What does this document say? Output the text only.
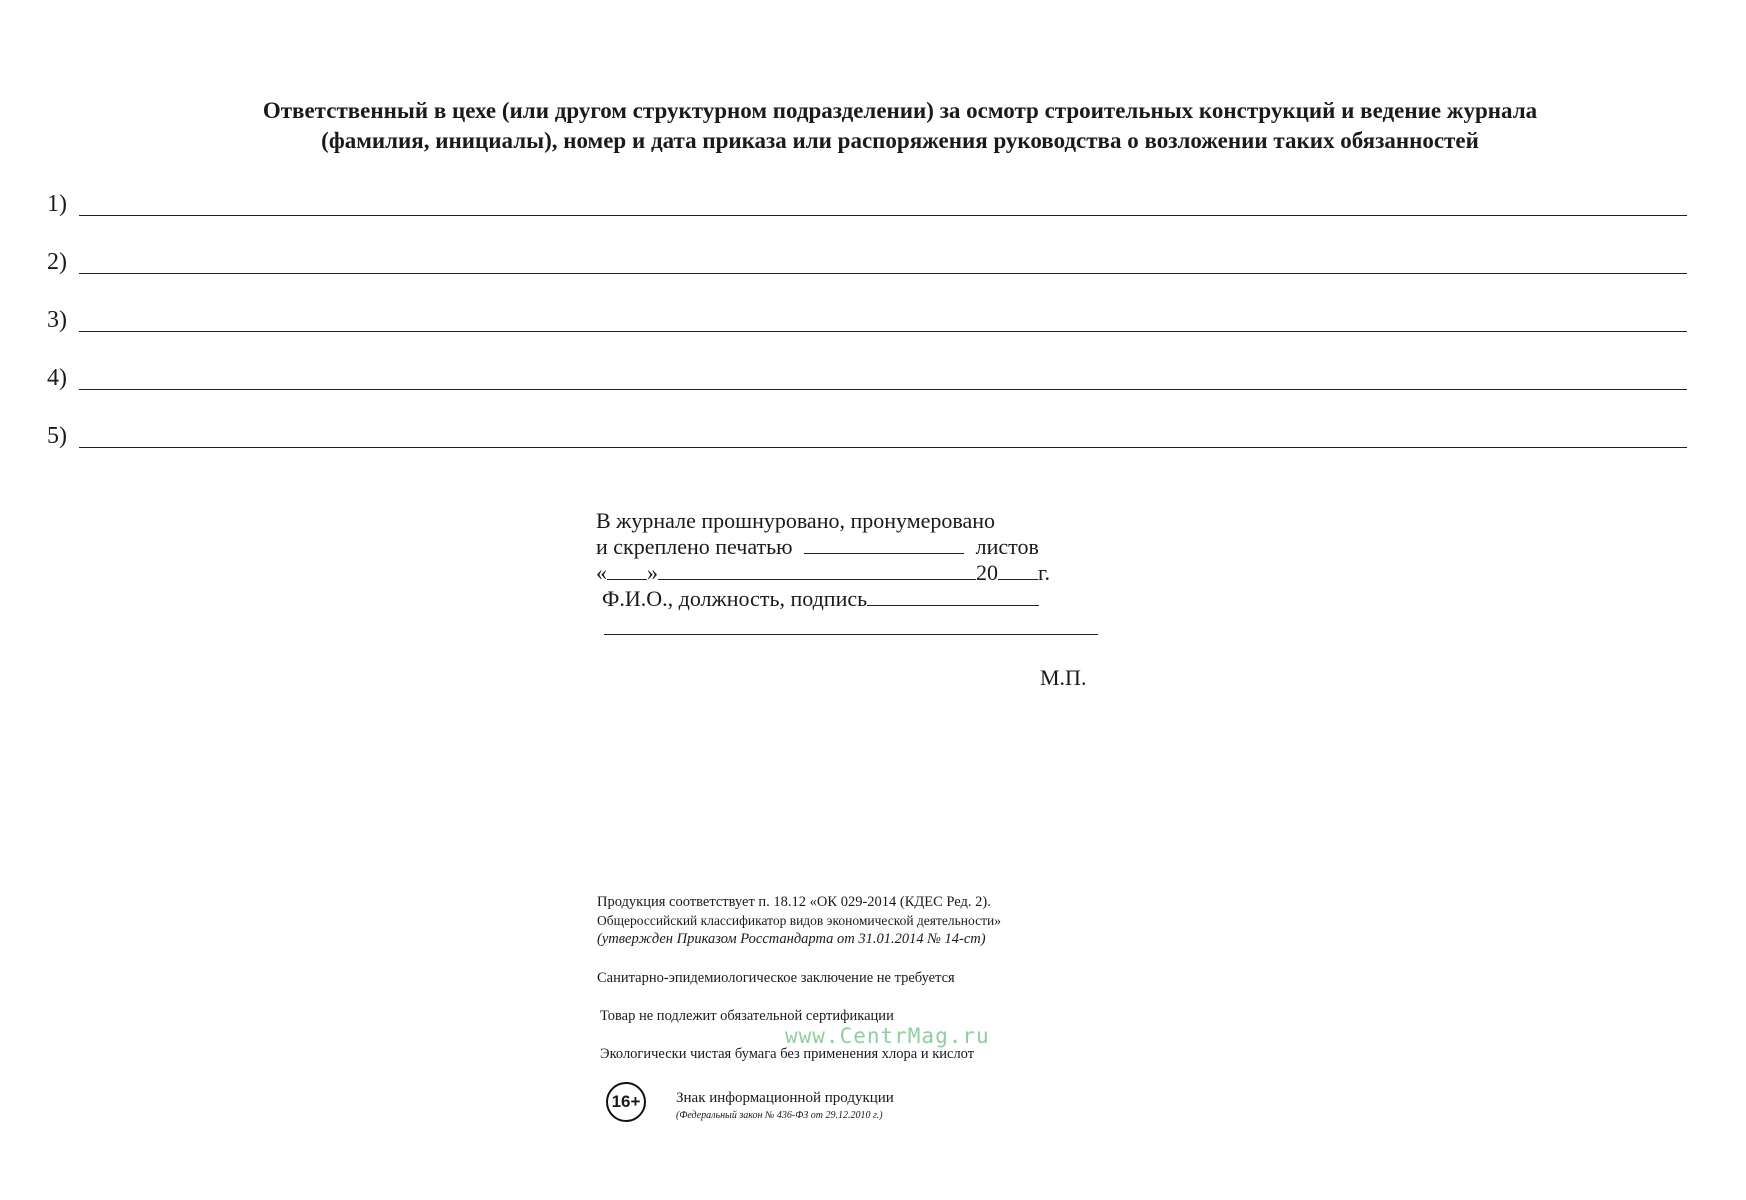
Ответственный в цехе (или другом структурном подразделении) за осмотр строительных конструкций и ведение журнала
(фамилия, инициалы), номер и дата приказа или распоряжения руководства о возложении таких обязанностей
1)
2)
3)
4)
5)
В журнале прошнуровано, пронумеровано
и скреплено печатью	листов
« »	20 г.
Ф.И.О., должность, подпись
М.П.
Продукция соответствует п. 18.12 «ОК 029-2014 (КДЕС Ред. 2).
Общероссийский классификатор видов экономической деятельности»
(утвержден Приказом Росстандарта от 31.01.2014 № 14-ст)
Санитарно-эпидемиологическое заключение не требуется
Товар не подлежит обязательной сертификации
Экологически чистая бумага без применения хлора и кислот
www.CentrMag.ru
16+	Знак информационной продукции
(Федеральный закон № 436-ФЗ от 29.12.2010 г.)
